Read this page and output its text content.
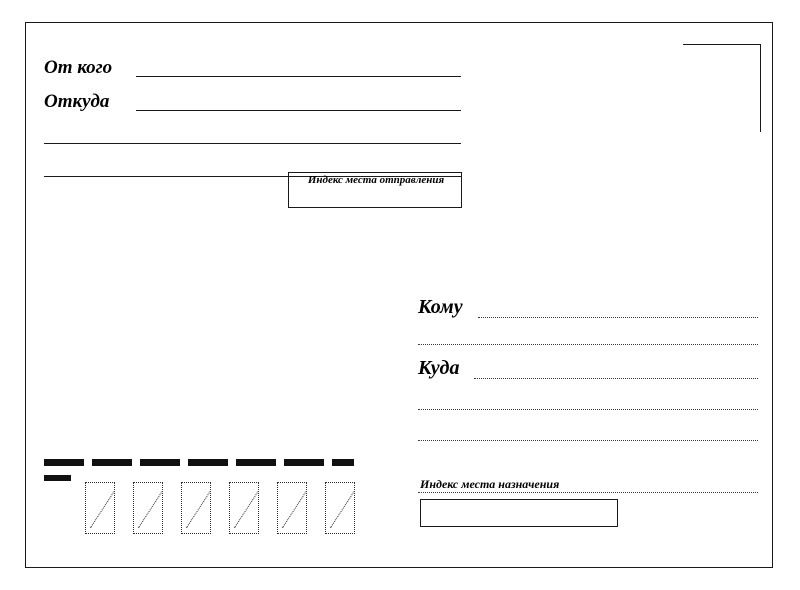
От кого
Откуда
Индекс места отправления
Кому
Куда
Индекс места назначения
